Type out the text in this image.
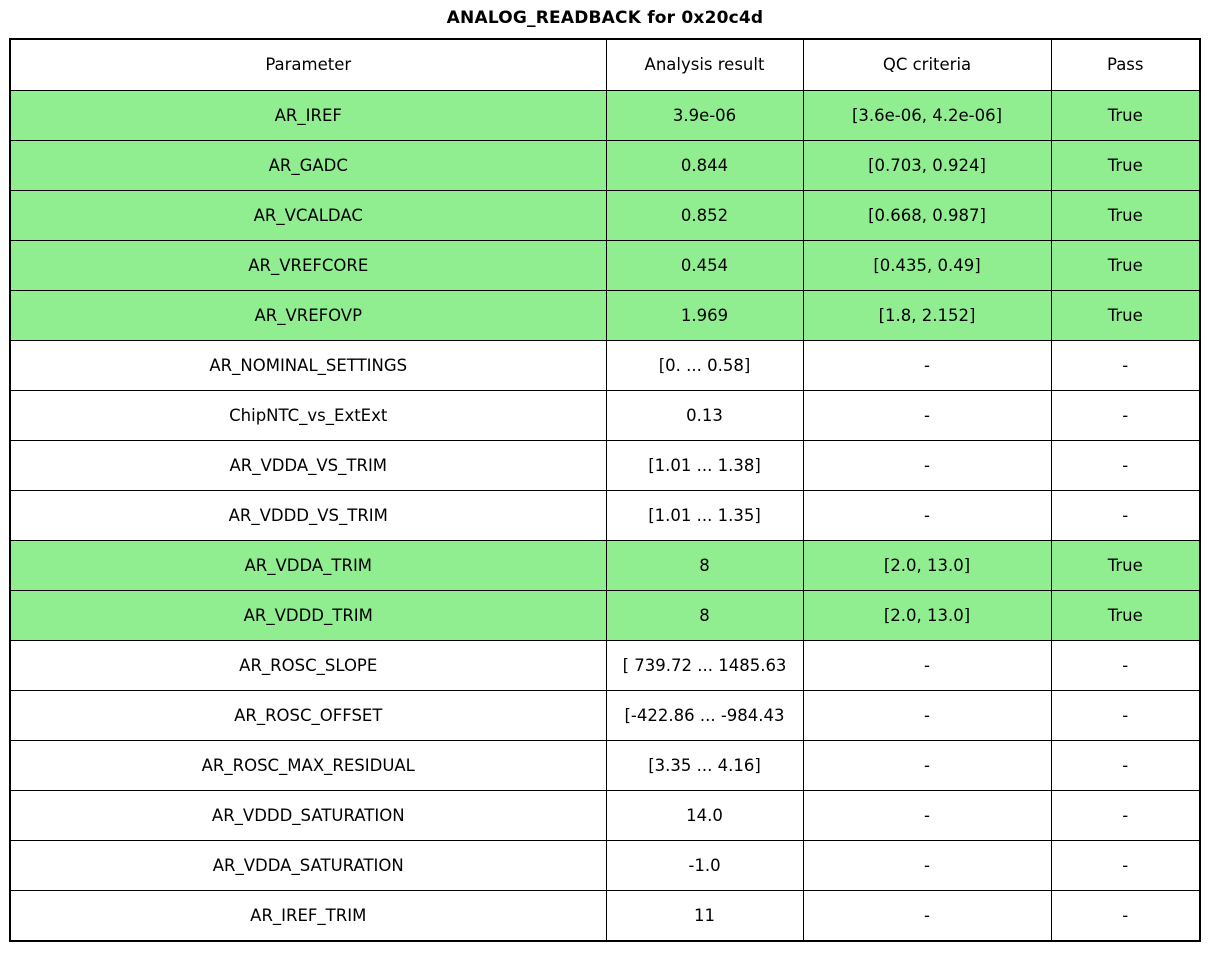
ANALOG_READBACK for 0x20c4d
Parameter	Analysis result	QC criteria	Pass
AR_IREF	3.9e-06	[3.6e-06, 4.2e-06]	True
AR_GADC	0.844	[0.703, 0.924]	True
AR_VCALDAC	0.852	[0.668, 0.987]	True
AR_VREFCORE	0.454	[0.435, 0.49]	True
AR_VREFOVP	1.969	[1.8, 2.152]	True
AR_NOMINAL_SETTINGS	[0. ... 0.58]	-	-
ChipNTC_vs_ExtExt	0.13	-	-
AR_VDDA_VS_TRIM	[1.01 ... 1.38]	-	-
AR_VDDD_VS_TRIM	[1.01 ... 1.35]	-	-
AR_VDDA_TRIM	8	[2.0, 13.0]	True
AR_VDDD_TRIM	8	[2.0, 13.0]	True
AR_ROSC_SLOPE	[ 739.72 ... 1485.63	-	-
AR_ROSC_OFFSET	[-422.86 ... -984.43	-	-
AR_ROSC_MAX_RESIDUAL	[3.35 ... 4.16]	-	-
AR_VDDD_SATURATION	14.0	-	-
AR_VDDA_SATURATION	-1.0	-	-
AR_IREF_TRIM	11	-	-
